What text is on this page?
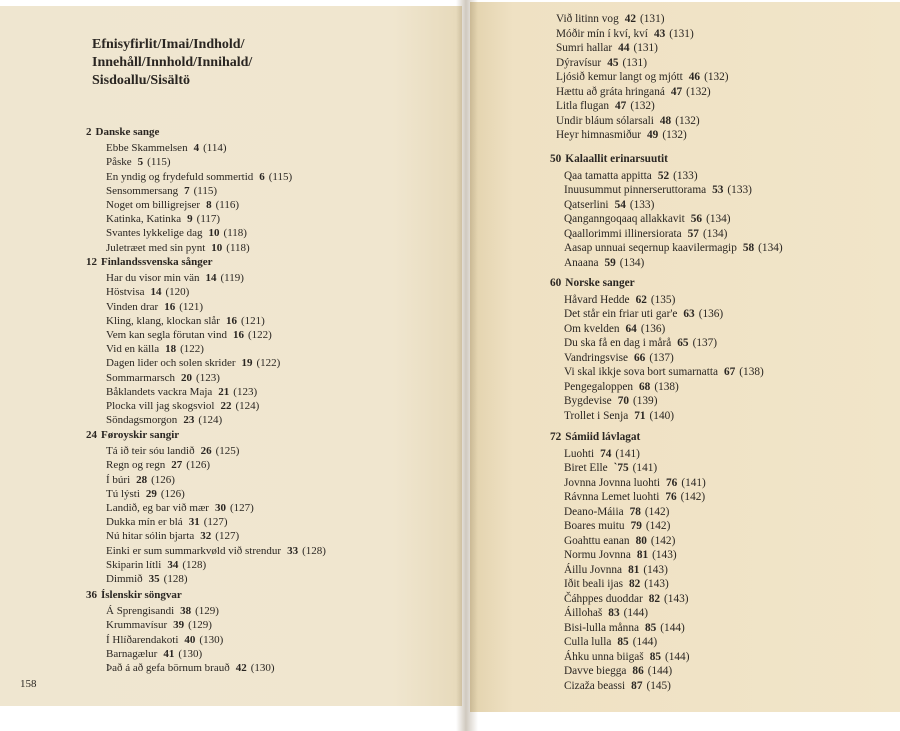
Efnisyfirlit/Imai/Indhold/
Innehåll/Innhold/Innihald/
Sisdoallu/Sisältö
2 Danske sange
Ebbe Skammelsen 4 (114)
Påske 5 (115)
En yndig og frydefuld sommertid 6 (115)
Sensommersang 7 (115)
Noget om billigrejser 8 (116)
Katinka, Katinka 9 (117)
Svantes lykkelige dag 10 (118)
Juletræet med sin pynt 10 (118)
12 Finlandssvenska sånger
Har du visor min vän 14 (119)
Höstvisa 14 (120)
Vinden drar 16 (121)
Kling, klang, klockan slår 16 (121)
Vem kan segla förutan vind 16 (122)
Vid en källa 18 (122)
Dagen lider och solen skrider 19 (122)
Sommarmarsch 20 (123)
Båklandets vackra Maja 21 (123)
Plocka vill jag skogsviol 22 (124)
Söndagsmorgon 23 (124)
24 Føroyskir sangir
Tá ið teir sóu landið 26 (125)
Regn og regn 27 (126)
Í búri 28 (126)
Tú lýsti 29 (126)
Landið, eg bar við mær 30 (127)
Dukka mín er blá 31 (127)
Nú hitar sólin bjarta 32 (127)
Einki er sum summarkvøld við strendur 33 (128)
Skiparin lítli 34 (128)
Dimmið 35 (128)
36 Íslenskir söngvar
Á Sprengisandi 38 (129)
Krummavísur 39 (129)
Í Hlíðarendakoti 40 (130)
Barnagælur 41 (130)
Það á að gefa börnum brauð 42 (130)
158
Við litinn vog 42 (131)
Móðir mín í kví, kví 43 (131)
Sumri hallar 44 (131)
Dýravísur 45 (131)
Ljósið kemur langt og mjótt 46 (132)
Hættu að gráta hringaná 47 (132)
Litla flugan 47 (132)
Undir bláum sólarsali 48 (132)
Heyr himnasmiður 49 (132)
50 Kalaallit erinarsuutit
Qaa tamatta appitta 52 (133)
Inuusummut pinnerseruttorama 53 (133)
Qatserlini 54 (133)
Qanganngoqaaq allakkavit 56 (134)
Qaallorimmi illinersiorata 57 (134)
Aasap unnuai seqernup kaavilermagip 58 (134)
Anaana 59 (134)
60 Norske sanger
Håvard Hedde 62 (135)
Det står ein friar uti gar'e 63 (136)
Om kvelden 64 (136)
Du ska få en dag i mårå 65 (137)
Vandringsvise 66 (137)
Vi skal ikkje sova bort sumarnatta 67 (138)
Pengegaloppen 68 (138)
Bygdevise 70 (139)
Trollet i Senja 71 (140)
72 Sámiid lávlagat
Luohti 74 (141)
Biret Elle `75 (141)
Jovnna Jovnna luohti 76 (141)
Rávnna Lemet luohti 76 (142)
Deano-Máiia 78 (142)
Boares muitu 79 (142)
Goahttu eanan 80 (142)
Normu Jovnna 81 (143)
Áillu Jovnna 81 (143)
Iðit beali ijas 82 (143)
Čáhppes duoddar 82 (143)
Áillohaš 83 (144)
Bisi-lulla månna 85 (144)
Culla lulla 85 (144)
Áhku unna biigaš 85 (144)
Davve biegga 86 (144)
Cizaža beassi 87 (145)
